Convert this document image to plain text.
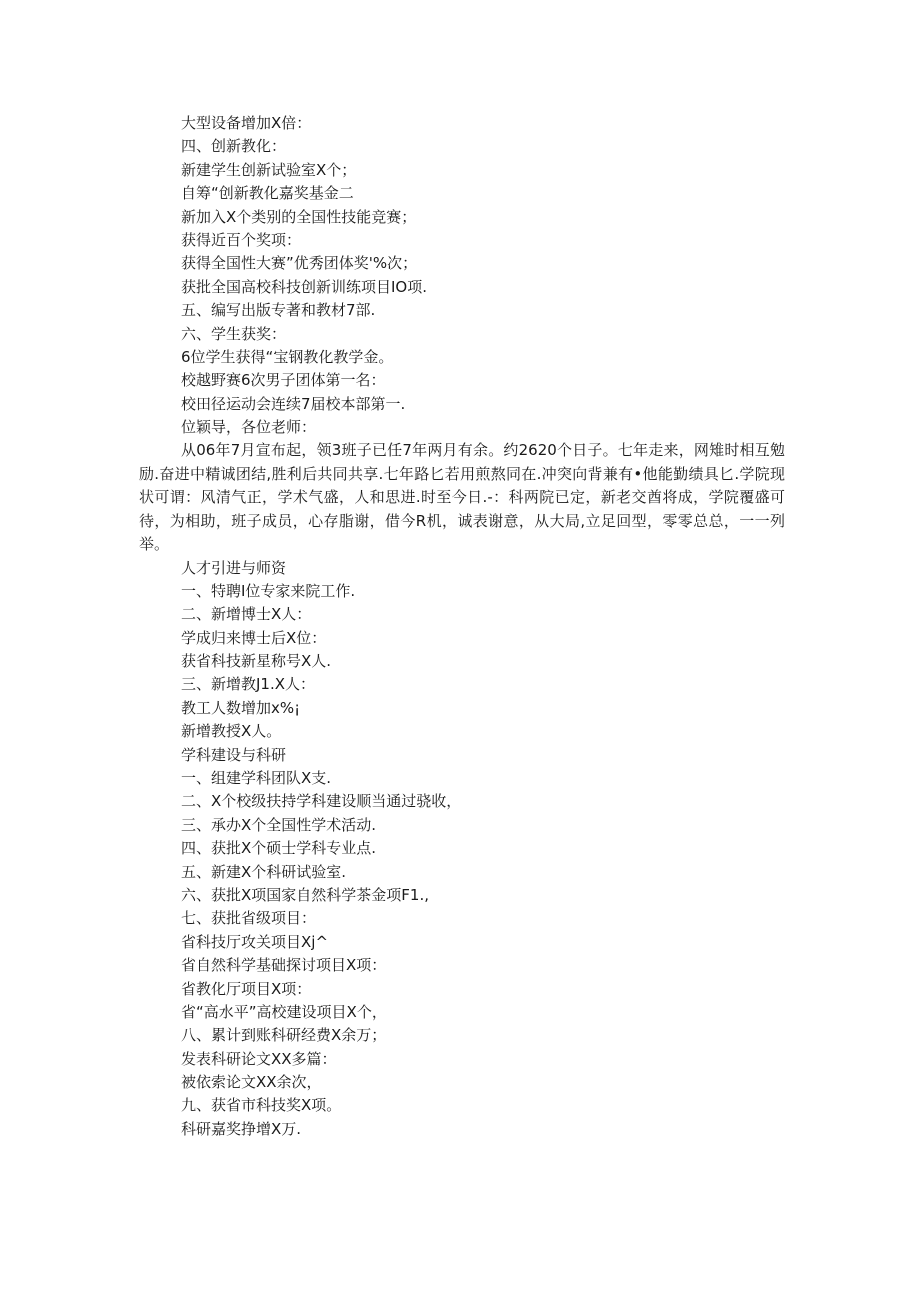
大型设备增加X倍：
四、创新教化：
新建学生创新试验室X个；
自筹“创新教化嘉奖基金二
新加入X个类别的全国性技能竞赛；
获得近百个奖项：
获得全国性大赛”优秀团体奖'%次；
获批全国高校科技创新训练项目IO项.
五、编写出版专著和教材7部.
六、学生获奖：
6位学生获得“宝钢教化教学金。
校越野赛6次男子团体第一名：
校田径运动会连续7届校本部第一.
位颖导，各位老师：

从06年7月宣布起，领3班子已任7年两月有余。约2620个日子。七年走来，网雉时相互勉励.奋进中精诚团结,胜利后共同共享.七年路匕若用煎熬同在.冲突向背兼有•他能勤绩具匕.学院现状可谓：风清气正，学术气盛，人和思进.时至今日.-：科两院已定，新老交酋将成，学院覆盛可待，为相助，班子成员，心存脂谢，借今R机，诚表谢意，从大局,立足回型，零零总总，一一列举。

人才引进与师资
一、特聘I位专家来院工作.
二、新增博士X人：
学成归来博士后X位：
获省科技新星称号X人.
三、新增教J1.X人：
教工人数增加x%¡
新增教授X人。
学科建设与科研
一、组建学科团队X支.
二、X个校级扶持学科建设顺当通过骁收，
三、承办X个全国性学术活动.
四、获批X个硕士学科专业点.
五、新建X个科研试验室.
六、获批X项国家自然科学茶金项F1.,
七、获批省级项目：
省科技厅攻关项目Xj^
省自然科学基础探讨项目X项：
省教化厅项目X项：
省“高水平”高校建设项目X个，
八、累计到账科研经费X余万；
发表科研论文XX多篇：
被依索论文XX余次，
九、获省市科技奖X项。
科研嘉奖挣增X万.
